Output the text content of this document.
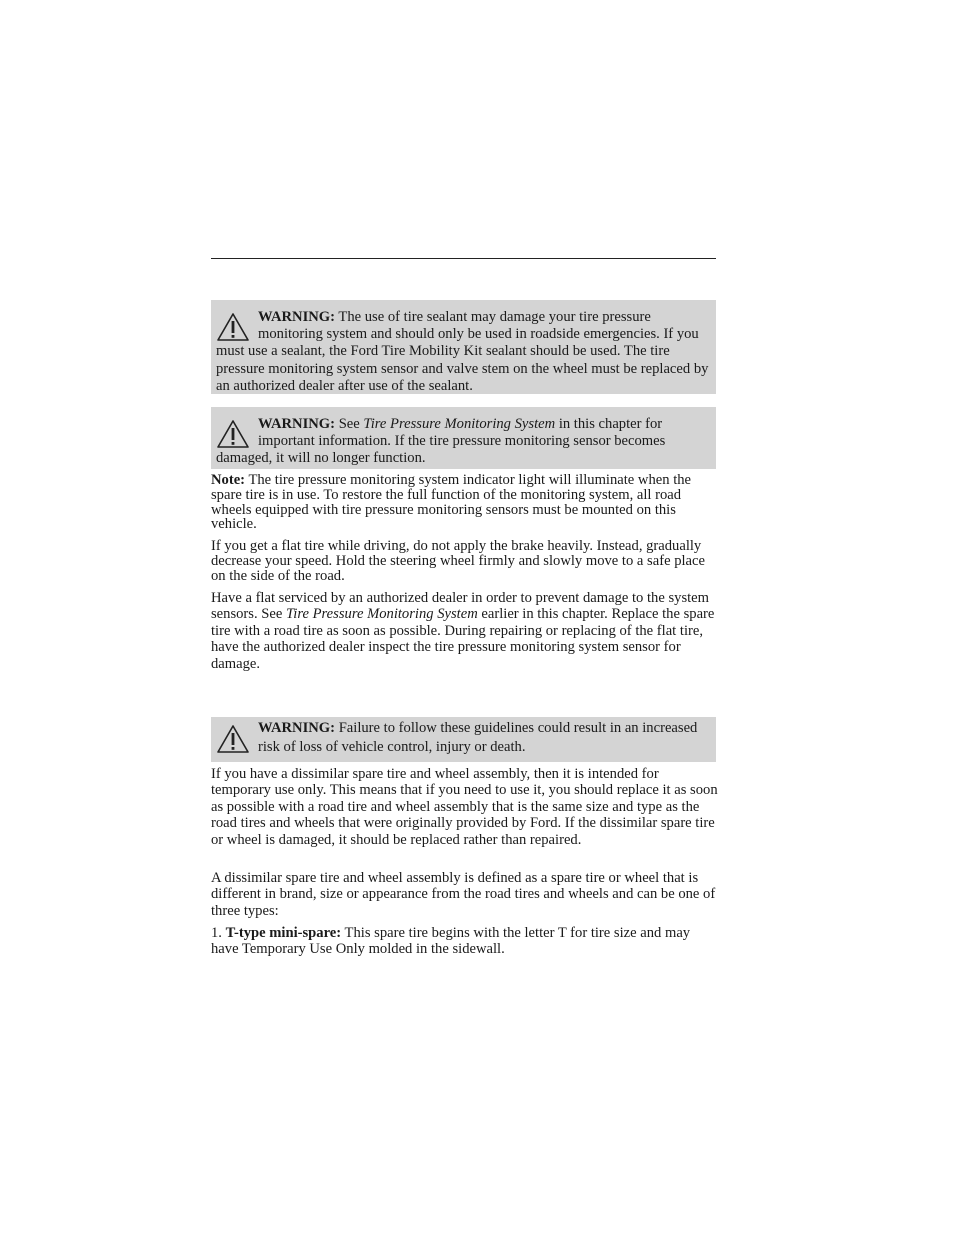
WARNING: The use of tire sealant may damage your tire pressure monitoring system and should only be used in roadside emergencies. If you must use a sealant, the Ford Tire Mobility Kit sealant should be used. The tire pressure monitoring system sensor and valve stem on the wheel must be replaced by an authorized dealer after use of the sealant.
WARNING: See Tire Pressure Monitoring System in this chapter for important information. If the tire pressure monitoring sensor becomes damaged, it will no longer function.

Note: The tire pressure monitoring system indicator light will illuminate when the spare tire is in use. To restore the full function of the monitoring system, all road wheels equipped with tire pressure monitoring sensors must be mounted on this vehicle.

If you get a flat tire while driving, do not apply the brake heavily. Instead, gradually decrease your speed. Hold the steering wheel firmly and slowly move to a safe place on the side of the road.

Have a flat serviced by an authorized dealer in order to prevent damage to the system sensors. See Tire Pressure Monitoring System earlier in this chapter. Replace the spare tire with a road tire as soon as possible. During repairing or replacing of the flat tire, have the authorized dealer inspect the tire pressure monitoring system sensor for damage.

WARNING: Failure to follow these guidelines could result in an increased risk of loss of vehicle control, injury or death.

If you have a dissimilar spare tire and wheel assembly, then it is intended for temporary use only. This means that if you need to use it, you should replace it as soon as possible with a road tire and wheel assembly that is the same size and type as the road tires and wheels that were originally provided by Ford. If the dissimilar spare tire or wheel is damaged, it should be replaced rather than repaired.

A dissimilar spare tire and wheel assembly is defined as a spare tire or wheel that is different in brand, size or appearance from the road tires and wheels and can be one of three types:

1. T-type mini-spare: This spare tire begins with the letter T for tire size and may have Temporary Use Only molded in the sidewall.
